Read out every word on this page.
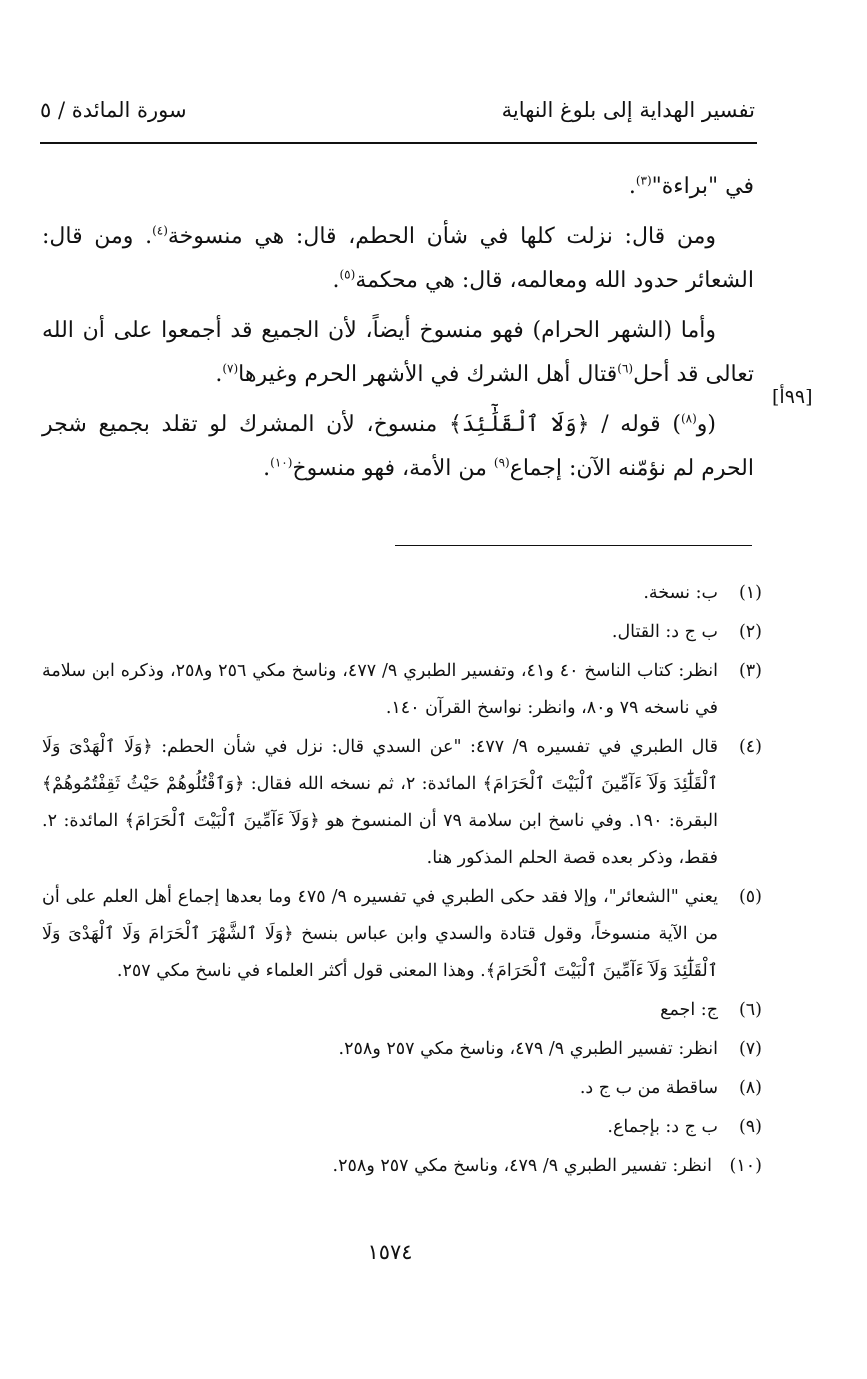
تفسير الهداية إلى بلوغ النهاية
سورة المائدة / ٥

في "براءة"$^{(٣)}$.

ومن قال: نزلت كلها في شأن الحطم، قال: هي منسوخة$^{(٤)}$. ومن قال: الشعائر حدود الله ومعالمه، قال: هي محكمة$^{(٥)}$.

وأما (الشهر الحرام) فهو منسوخ أيضاً، لأن الجميع قد أجمعوا على أن الله تعالى قد أحل$^{(٦)}$قتال أهل الشرك في الأشهر الحرم وغيرها$^{(٧)}$.

(و$^{(٨)}$) قوله / ﴿وَلَا ٱلْقَلَٰٓئِدَ﴾ منسوخ، لأن المشرك لو تقلد بجميع شجر الحرم لم نؤمّنه الآن: إجماع$^{(٩)}$ من الأمة، فهو منسوخ$^{(١٠)}$.

[٩٩أ]
(١)
ب: نسخة.
(٢)
ب ج د: القتال.
(٣)
انظر: كتاب الناسخ ٤٠ و٤١، وتفسير الطبري ٩/ ٤٧٧، وناسخ مكي ٢٥٦ و٢٥٨، وذكره ابن سلامة في ناسخه ٧٩ و٨٠، وانظر: نواسخ القرآن ١٤٠.
(٤)
قال الطبري في تفسيره ٩/ ٤٧٧: "عن السدي قال: نزل في شأن الحطم: ﴿وَلَا ٱلْهَدْىَ وَلَا ٱلْقَلَٰٓئِدَ وَلَآ ءَآمِّينَ ٱلْبَيْتَ ٱلْحَرَامَ﴾ المائدة: ٢، ثم نسخه الله فقال: ﴿وَٱقْتُلُوهُمْ حَيْثُ ثَقِفْتُمُوهُمْ﴾ البقرة: ١٩٠. وفي ناسخ ابن سلامة ٧٩ أن المنسوخ هو ﴿وَلَآ ءَآمِّينَ ٱلْبَيْتَ ٱلْحَرَامَ﴾ المائدة: ٢. فقط، وذكر بعده قصة الحلم المذكور هنا.
(٥)
يعني "الشعائر"، وإلا فقد حكى الطبري في تفسيره ٩/ ٤٧٥ وما بعدها إجماع أهل العلم على أن من الآية منسوخاً، وقول قتادة والسدي وابن عباس بنسخ ﴿وَلَا ٱلشَّهْرَ ٱلْحَرَامَ وَلَا ٱلْهَدْىَ وَلَا ٱلْقَلَٰٓئِدَ وَلَآ ءَآمِّينَ ٱلْبَيْتَ ٱلْحَرَامَ﴾. وهذا المعنى قول أكثر العلماء في ناسخ مكي ٢٥٧.
(٦)
ج: اجمع
(٧)
انظر: تفسير الطبري ٩/ ٤٧٩، وناسخ مكي ٢٥٧ و٢٥٨.
(٨)
ساقطة من ب ج د.
(٩)
ب ج د: بإجماع.
(١٠)
انظر: تفسير الطبري ٩/ ٤٧٩، وناسخ مكي ٢٥٧ و٢٥٨.
١٥٧٤
